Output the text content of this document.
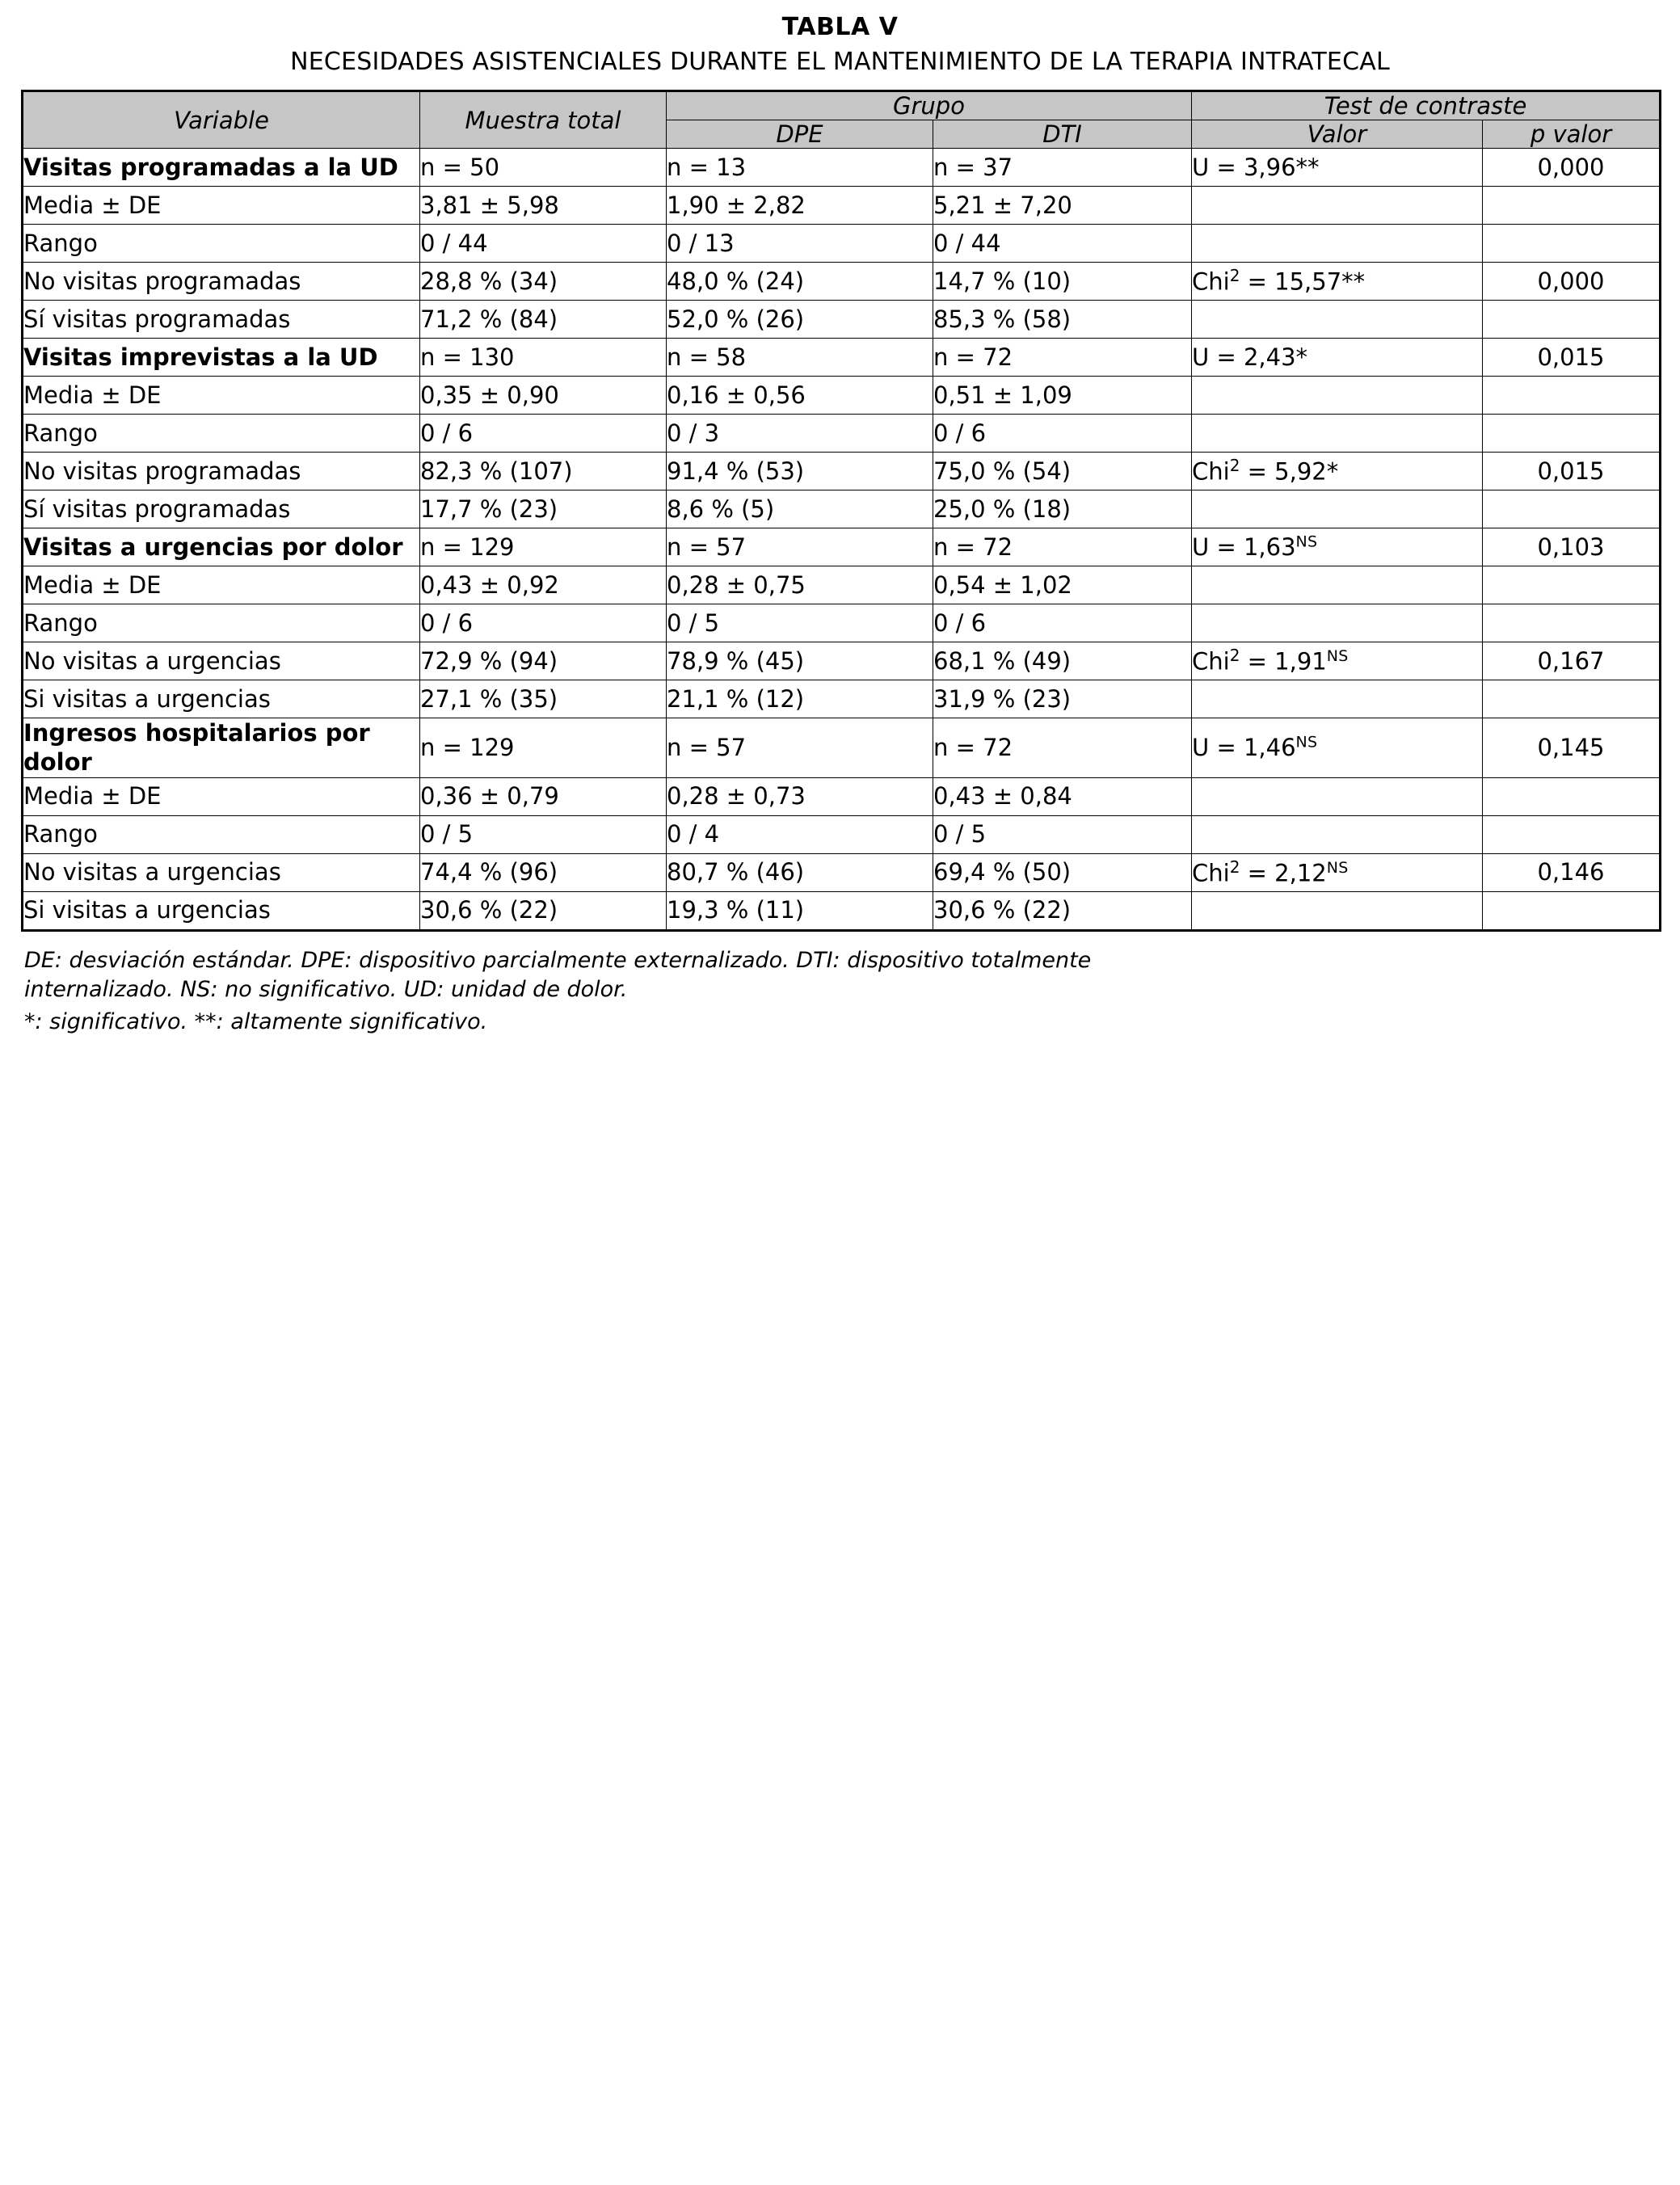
TABLA V
NECESIDADES ASISTENCIALES DURANTE EL MANTENIMIENTO DE LA TERAPIA INTRATECAL
Variable	Muestra total	Grupo		Test de contraste	
		DPE	DTI	Valor	p valor
Visitas programadas a la UD	n = 50	n = 13	n = 37	U = 3,96**	0,000
Media ± DE	3,81 ± 5,98	1,90 ± 2,82	5,21 ± 7,20		
Rango	0 / 44	0 / 13	0 / 44		
No visitas programadas	28,8 % (34)	48,0 % (24)	14,7 % (10)	Chi$^2$ = 15,57**	0,000
Sí visitas programadas	71,2 % (84)	52,0 % (26)	85,3 % (58)		
Visitas imprevistas a la UD	n = 130	n = 58	n = 72	U = 2,43*	0,015
Media ± DE	0,35 ± 0,90	0,16 ± 0,56	0,51 ± 1,09		
Rango	0 / 6	0 / 3	0 / 6		
No visitas programadas	82,3 % (107)	91,4 % (53)	75,0 % (54)	Chi$^2$ = 5,92*	0,015
Sí visitas programadas	17,7 % (23)	8,6 % (5)	25,0 % (18)		
Visitas a urgencias por dolor	n = 129	n = 57	n = 72	$U = 1,63^{NS}$	0,103
Media ± DE	0,43 ± 0,92	0,28 ± 0,75	0,54 ± 1,02		
Rango	0 / 6	0 / 5	0 / 6		
No visitas a urgencias	72,9 % (94)	78,9 % (45)	68,1 % (49)	$Chi^2 = 1,91^{NS}$	0,167
Si visitas a urgencias	27,1 % (35)	21,1 % (12)	31,9 % (23)		
Ingresos hospitalarios por dolor	n = 129	n = 57	n = 72	$U = 1,46^{NS}$	0,145
Media ± DE	0,36 ± 0,79	0,28 ± 0,73	0,43 ± 0,84		
Rango	0 / 5	0 / 4	0 / 5		
No visitas a urgencias	74,4 % (96)	80,7 % (46)	69,4 % (50)	$Chi^2 = 2,12^{NS}$	0,146
Si visitas a urgencias	30,6 % (22)	19,3 % (11)	30,6 % (22)		
DE: desviación estándar. DPE: dispositivo parcialmente externalizado. DTI: dispositivo totalmente
internalizado. NS: no significativo. UD: unidad de dolor.
*: significativo. **: altamente significativo.
